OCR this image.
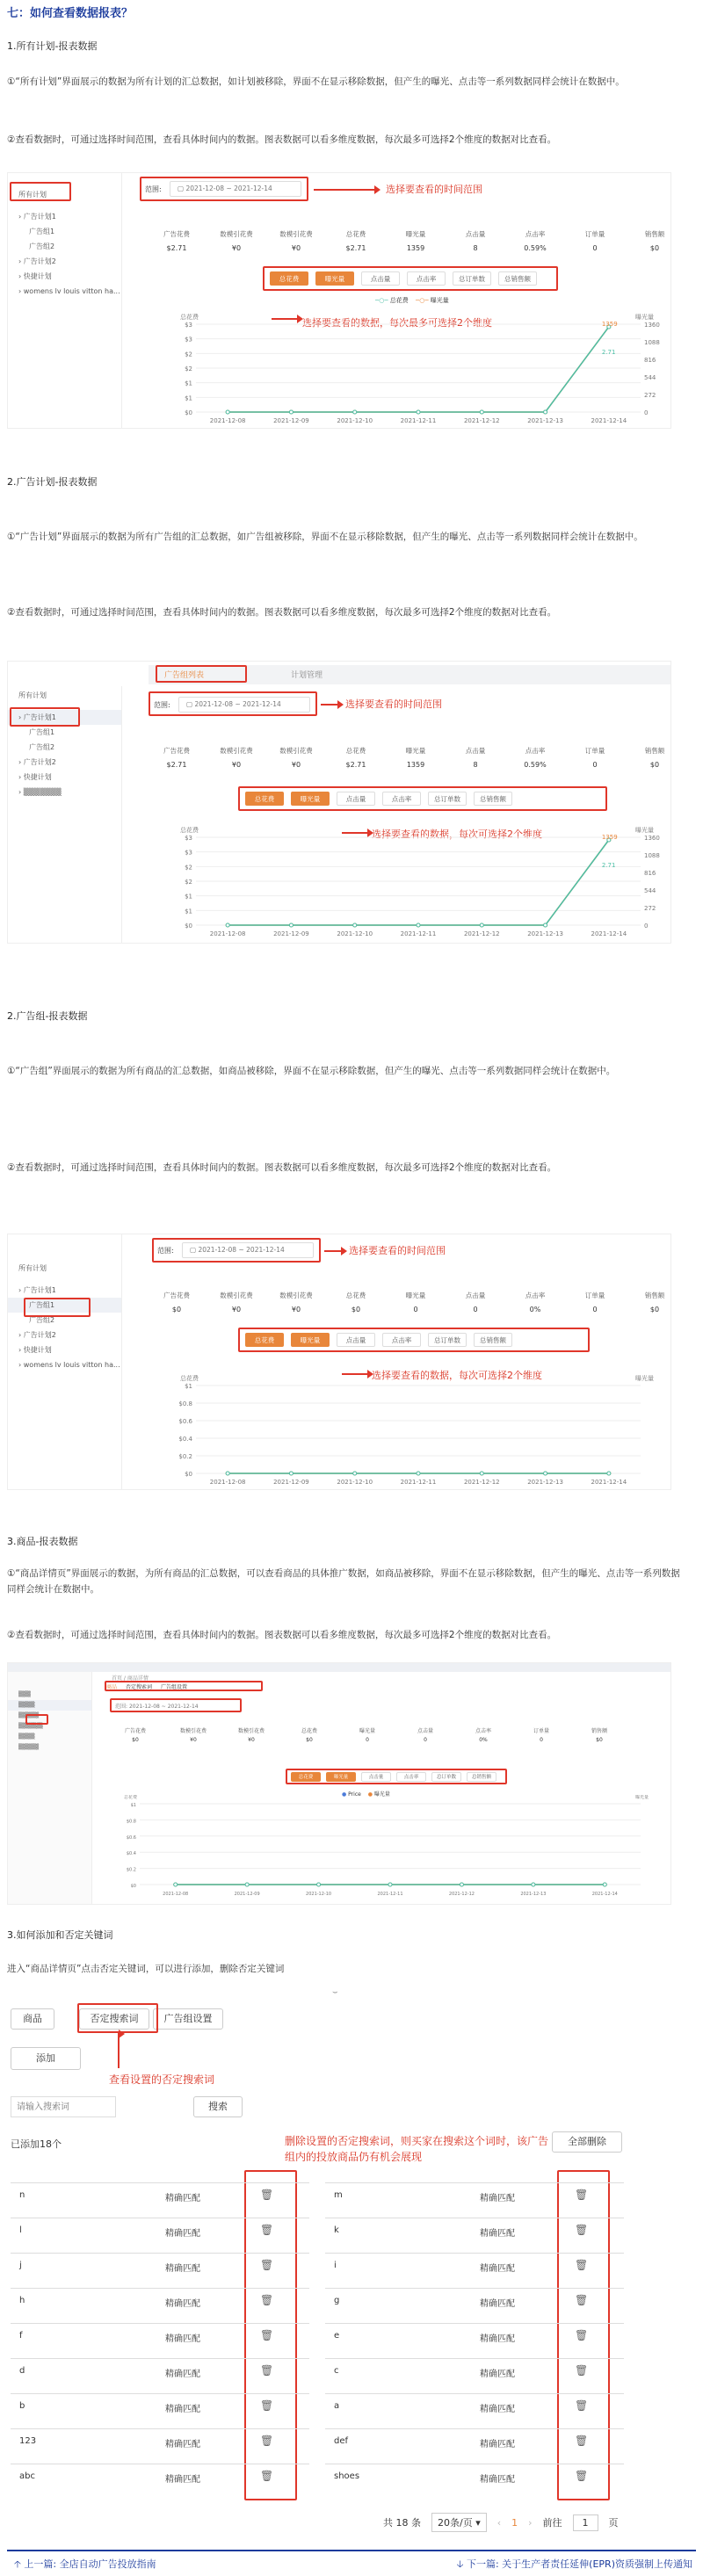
七：如何查看数据报表？
1.所有计划-报表数据
①“所有计划”界面展示的数据为所有计划的汇总数据，如计划被移除，界面不在显示移除数据，但产生的曝光、点击等一系列数据同样会统计在数据中。
②查看数据时，可通过选择时间范围，查看具体时间内的数据。图表数据可以看多维度数据，每次最多可选择2个维度的数据对比查看。
所有计划
› 广告计划1
广告组1
广告组2
› 广告计划2
› 快捷计划
› womens lv louis vitton ha...
范围:	▢ 2021-12-08 ~ 2021-12-14	选择要查看的时间范围
广告花费
$2.71
数模引花费
¥0
数模引花费
¥0
总花费
$2.71
曝光量
1359
点击量
8
点击率
0.59%
订单量
0
销售额
$0
总花费	曝光量	点击量	点击率	总订单数	总销售额
─○─ 总花费 ─○─ 曝光量
选择要查看的数据，每次最多可选择2个维度
$0
$1
$1
$2
$2
$3
$3
0
272
544
816
1088
1360
总花费	曝光量
2021-12-08	2021-12-09	2021-12-10	2021-12-11	2021-12-12	2021-12-13	2021-12-14
1359
2.71
2.广告计划-报表数据
①“广告计划”界面展示的数据为所有广告组的汇总数据，如广告组被移除，界面不在显示移除数据，但产生的曝光、点击等一系列数据同样会统计在数据中。
②查看数据时，可通过选择时间范围，查看具体时间内的数据。图表数据可以看多维度数据，每次最多可选择2个维度的数据对比查看。
所有计划
› 广告计划1
广告组1
广告组2
› 广告计划2
› 快捷计划
› ▒▒▒▒▒▒▒
广告组列表	计划管理
范围:	▢ 2021-12-08 ~ 2021-12-14	选择要查看的时间范围
广告花费
$2.71
数模引花费
¥0
数模引花费
¥0
总花费
$2.71
曝光量
1359
点击量
8
点击率
0.59%
订单量
0
销售额
$0
总花费	曝光量	点击量	点击率	总订单数	总销售额
选择要查看的数据，每次可选择2个维度
$0
$1
$1
$2
$2
$3
$3
0
272
544
816
1088
1360
总花费	曝光量
2021-12-08	2021-12-09	2021-12-10	2021-12-11	2021-12-12	2021-12-13	2021-12-14
1359
2.71
2.广告组-报表数据
①“广告组”界面展示的数据为所有商品的汇总数据，如商品被移除，界面不在显示移除数据，但产生的曝光、点击等一系列数据同样会统计在数据中。
②查看数据时，可通过选择时间范围，查看具体时间内的数据。图表数据可以看多维度数据，每次最多可选择2个维度的数据对比查看。
所有计划
› 广告计划1
广告组1
广告组2
› 广告计划2
› 快捷计划
› womens lv louis vitton ha...
范围:	▢ 2021-12-08 ~ 2021-12-14	选择要查看的时间范围
广告花费
$0
数模引花费
¥0
数模引花费
¥0
总花费
$0
曝光量
0
点击量
0
点击率
0%
订单量
0
销售额
$0
总花费	曝光量	点击量	点击率	总订单数	总销售额
选择要查看的数据，每次可选择2个维度
$0
$0.2
$0.4
$0.6
$0.8
$1
总花费	曝光量
2021-12-08	2021-12-09	2021-12-10	2021-12-11	2021-12-12	2021-12-13	2021-12-14
3.商品-报表数据
①“商品详情页”界面展示的数据，为所有商品的汇总数据，可以查看商品的具体推广数据，如商品被移除，界面不在显示移除数据，但产生的曝光、点击等一系列数据同样会统计在数据中。
②查看数据时，可通过选择时间范围，查看具体时间内的数据。图表数据可以看多维度数据，每次最多可选择2个维度的数据对比查看。
▒▒▒
▒▒▒▒
▒▒▒▒▒
▒▒▒▒▒▒
▒▒▒▒
▒▒▒▒▒
首页 / 商品详情
商品 否定搜索词 广告组设置
范围: 2021-12-08 ~ 2021-12-14
广告花费
$0
数模引花费
¥0
数模引花费
¥0
总花费
$0
曝光量
0
点击量
0
点击率
0%
订单量
0
销售额
$0
总花费	曝光量	点击量	点击率	总订单数	总销售额
● Price ● 曝光量
$0
$0.2
$0.4
$0.6
$0.8
$1
总花费	曝光量
2021-12-08	2021-12-09	2021-12-10	2021-12-11	2021-12-12	2021-12-13	2021-12-14
3.如何添加和否定关键词
进入“商品详情页”点击否定关键词，可以进行添加，删除否定关键词
⌣
商品	否定搜索词	广告组设置
查看设置的否定搜索词
添加
请输入搜索词
搜索
已添加18个	全部删除
删除设置的否定搜索词，则买家在搜索这个词时，该广告组内的投放商品仍有机会展现
n	精确匹配	🗑
l	精确匹配	🗑
j	精确匹配	🗑
h	精确匹配	🗑
f	精确匹配	🗑
d	精确匹配	🗑
b	精确匹配	🗑
123	精确匹配	🗑
abc	精确匹配	🗑
m	精确匹配	🗑
k	精确匹配	🗑
i	精确匹配	🗑
g	精确匹配	🗑
e	精确匹配	🗑
c	精确匹配	🗑
a	精确匹配	🗑
def	精确匹配	🗑
shoes	精确匹配	🗑
共 18 条	20条/页 ▾	‹ 1 › 前往	1	页
🡡 上一篇: 全店自动广告投放指南	🡣 下一篇: 关于生产者责任延伸(EPR)资质强制上传通知
